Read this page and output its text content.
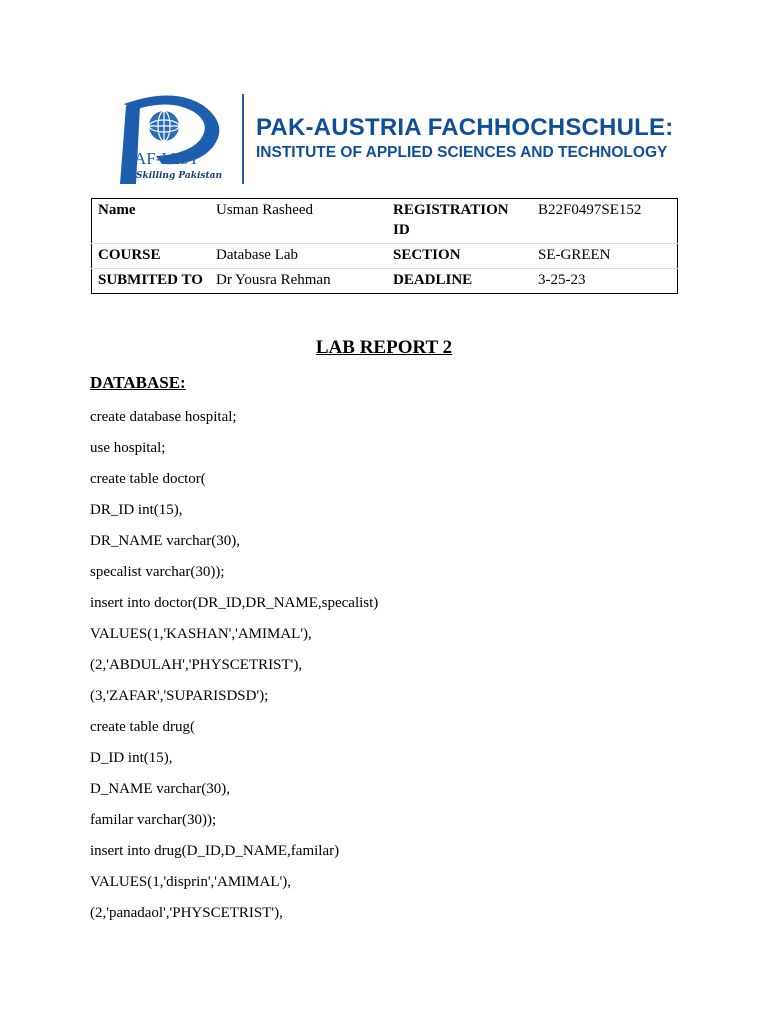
AF-IAST
Skilling Pakistan
PAK-AUSTRIA FACHHOCHSCHULE:
INSTITUTE OF APPLIED SCIENCES AND TECHNOLOGY
Name	Usman Rasheed	REGISTRATION ID	B22F0497SE152
COURSE	Database Lab	SECTION	SE-GREEN
SUBMITED TO	Dr Yousra Rehman	DEADLINE	3-25-23
LAB REPORT 2
DATABASE:
create database hospital;
use hospital;
create table doctor(
DR_ID int(15),
DR_NAME varchar(30),
specalist varchar(30));
insert into doctor(DR_ID,DR_NAME,specalist)
VALUES(1,'KASHAN','AMIMAL'),
(2,'ABDULAH','PHYSCETRIST'),
(3,'ZAFAR','SUPARISDSD');
create table drug(
D_ID int(15),
D_NAME varchar(30),
familar varchar(30));
insert into drug(D_ID,D_NAME,familar)
VALUES(1,'disprin','AMIMAL'),
(2,'panadaol','PHYSCETRIST'),
